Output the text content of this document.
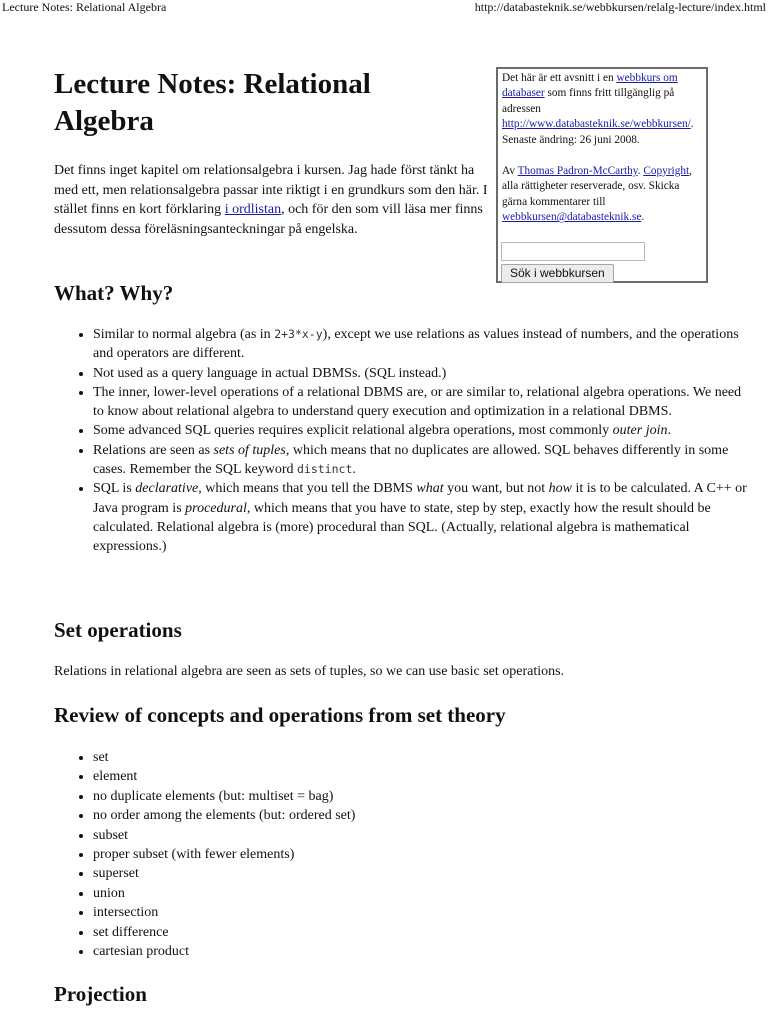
Lecture Notes: Relational Algebra	http://databasteknik.se/webbkursen/relalg-lecture/index.html
Lecture Notes: Relational Algebra

Det här är ett avsnitt i en webbkurs om databaser som finns fritt tillgänglig på adressen http://www.databasteknik.se/webbkursen/. Senaste ändring: 26 juni 2008.

Av Thomas Padron-McCarthy. Copyright, alla rättigheter reserverade, osv. Skicka gärna kommentarer till webbkursen@databasteknik.se.

Sök i webbkursen

Det finns inget kapitel om relationsalgebra i kursen. Jag hade först tänkt ha med ett, men relationsalgebra passar inte riktigt i en grundkurs som den här. I stället finns en kort förklaring i ordlistan, och för den som vill läsa mer finns dessutom dessa föreläsningsanteckningar på engelska.

What? Why?
• Similar to normal algebra (as in 2+3*x-y), except we use relations as values instead of numbers, and the operations and operators are different.
• Not used as a query language in actual DBMSs. (SQL instead.)
• The inner, lower-level operations of a relational DBMS are, or are similar to, relational algebra operations. We need to know about relational algebra to understand query execution and optimization in a relational DBMS.
• Some advanced SQL queries requires explicit relational algebra operations, most commonly outer join.
• Relations are seen as sets of tuples, which means that no duplicates are allowed. SQL behaves differently in some cases. Remember the SQL keyword distinct.
• SQL is declarative, which means that you tell the DBMS what you want, but not how it is to be calculated. A C++ or Java program is procedural, which means that you have to state, step by step, exactly how the result should be calculated. Relational algebra is (more) procedural than SQL. (Actually, relational algebra is mathematical expressions.)
Set operations

Relations in relational algebra are seen as sets of tuples, so we can use basic set operations.

Review of concepts and operations from set theory
• set
• element
• no duplicate elements (but: multiset = bag)
• no order among the elements (but: ordered set)
• subset
• proper subset (with fewer elements)
• superset
• union
• intersection
• set difference
• cartesian product
Projection
